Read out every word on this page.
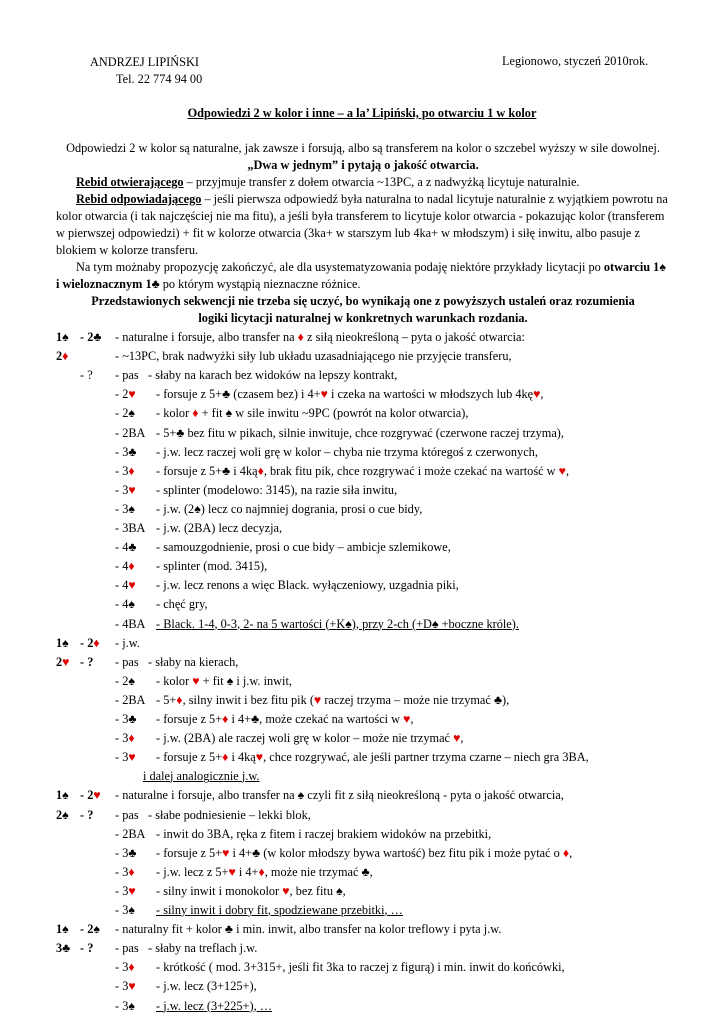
ANDRZEJ LIPIŃSKI
Tel. 22 774 94 00
Legionowo, styczeń 2010rok.
Odpowiedzi 2 w kolor i inne – a la’ Lipiński, po otwarciu 1 w kolor

Odpowiedzi 2 w kolor są naturalne, jak zawsze i forsują, albo są transferem na kolor o szczebel wyższy w sile dowolnej. „Dwa w jednym” i pytają o jakość otwarcia.

Rebid otwierającego – przyjmuje transfer z dołem otwarcia ~13PC, a z nadwyżką licytuje naturalnie.

Rebid odpowiadającego – jeśli pierwsza odpowiedź była naturalna to nadal licytuje naturalnie z wyjątkiem powrotu na kolor otwarcia (i tak najczęściej nie ma fitu), a jeśli była transferem to licytuje kolor otwarcia - pokazując kolor (transferem w pierwszej odpowiedzi) + fit w kolorze otwarcia (3ka+ w starszym lub 4ka+ w młodszym) i siłę inwitu, albo pasuje z blokiem w kolorze transferu.

Na tym możnaby propozycję zakończyć, ale dla usystematyzowania podaję niektóre przykłady licytacji po otwarciu 1♠ i wieloznacznym 1♣ po którym wystąpią nieznaczne różnice.

Przedstawionych sekwencji nie trzeba się uczyć, bo wynikają one z powyższych ustaleń oraz rozumienia logiki licytacji naturalnej w konkretnych warunkach rozdania.

1♠ - 2♣ - naturalne i forsuje, albo transfer na ♦ z siłą nieokreśloną – pyta o jakość otwarcia:
2♦	- ~13PC, brak nadwyżki siły lub układu uzasadniającego nie przyjęcie transferu,
- ? - pas - słaby na karach bez widoków na lepszy kontrakt,
- 2♥ - forsuje z 5+♣ (czasem bez) i 4+♥ i czeka na wartości w młodszych lub 4kę♥,
- 2♠ - kolor ♦ + fit ♠ w sile inwitu ~9PC (powrót na kolor otwarcia),
- 2BA - 5+♣ bez fitu w pikach, silnie inwituje, chce rozgrywać (czerwone raczej trzyma),
- 3♣ - j.w. lecz raczej woli grę w kolor – chyba nie trzyma któregoś z czerwonych,
- 3♦ - forsuje z 5+♣ i 4ką♦, brak fitu pik, chce rozgrywać i może czekać na wartość w ♥,
- 3♥ - splinter (modelowo: 3145), na razie siła inwitu,
- 3♠ - j.w. (2♠) lecz co najmniej dogrania, prosi o cue bidy,
- 3BA - j.w. (2BA) lecz decyzja,
- 4♣ - samouzgodnienie, prosi o cue bidy – ambicje szlemikowe,
- 4♦ - splinter (mod. 3415),
- 4♥ - j.w. lecz renons a więc Black. wyłączeniowy, uzgadnia piki,
- 4♠ - chęć gry,
- 4BA - Black. 1-4, 0-3, 2- na 5 wartości (+K♠), przy 2-ch (+D♠ +boczne króle).
1♠ - 2♦ - j.w.
2♥ - ? - pas - słaby na kierach,
- 2♠ - kolor ♥ + fit ♠ i j.w. inwit,
- 2BA - 5+♦, silny inwit i bez fitu pik (♥ raczej trzyma – może nie trzymać ♣),
- 3♣ - forsuje z 5+♦ i 4+♣, może czekać na wartości w ♥,
- 3♦ - j.w. (2BA) ale raczej woli grę w kolor – może nie trzymać ♥,
- 3♥ - forsuje z 5+♦ i 4ką♥, chce rozgrywać, ale jeśli partner trzyma czarne – niech gra 3BA,
i dalej analogicznie j.w.
1♠ - 2♥ - naturalne i forsuje, albo transfer na ♠ czyli fit z siłą nieokreśloną - pyta o jakość otwarcia,
2♠ - ? - pas - słabe podniesienie – lekki blok,
- 2BA - inwit do 3BA, ręka z fitem i raczej brakiem widoków na przebitki,
- 3♣ - forsuje z 5+♥ i 4+♣ (w kolor młodszy bywa wartość) bez fitu pik i może pytać o ♦,
- 3♦ - j.w. lecz z 5+♥ i 4+♦, może nie trzymać ♣,
- 3♥ - silny inwit i monokolor ♥, bez fitu ♠,
- 3♠ - silny inwit i dobry fit, spodziewane przebitki, …
1♠ - 2♠ - naturalny fit + kolor ♣ i min. inwit, albo transfer na kolor treflowy i pyta j.w.
3♣ - ? - pas - słaby na treflach j.w.
- 3♦ - krótkość ( mod. 3+315+, jeśli fit 3ka to raczej z figurą) i min. inwit do końcówki,
- 3♥ - j.w. lecz (3+125+),
- 3♠ - j.w. lecz (3+225+), …
